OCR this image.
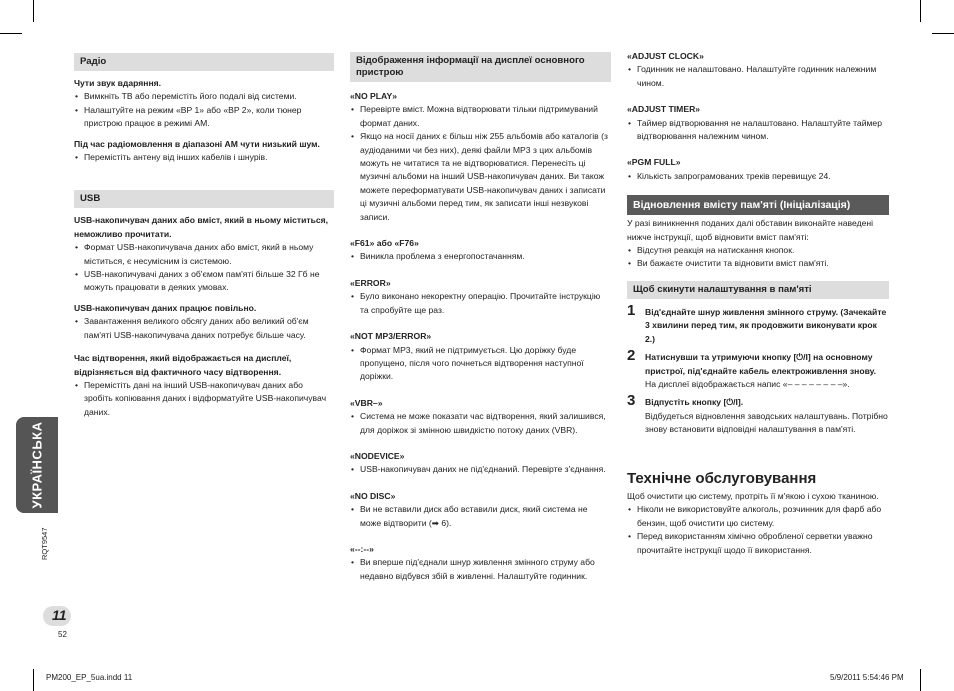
Радіо

Чути звук вдаряння.

• Вимкніть ТВ або перемістіть його подалі від системи.
• Налаштуйте на режим «BP 1» або «BP 2», коли тюнер пристрою працює в режимі AM.

Під час радіомовлення в діапазоні AM чути низький шум.

• Перемістіть антену від інших кабелів і шнурів.
USB

USB-накопичувач даних або вміст, який в ньому міститься, неможливо прочитати.

• Формат USB-накопичувача даних або вміст, який в ньому міститься, є несумісним із системою.
• USB-накопичувачі даних з об'ємом пам'яті більше 32 Гб не можуть працювати в деяких умовах.

USB-накопичувач даних працює повільно.

• Завантаження великого обсягу даних або великий об'єм пам'яті USB-накопичувача даних потребує більше часу.

Час відтворення, який відображається на дисплеї, відрізняється від фактичного часу відтворення.

• Перемістіть дані на інший USB-накопичувач даних або зробіть копіювання даних і відформатуйте USB-накопичувач даних.
Відображення інформації на дисплеї основного пристрою

«NO PLAY»

• Перевірте вміст. Можна відтворювати тільки підтримуваний формат даних.
• Якщо на носії даних є більш ніж 255 альбомів або каталогів (з аудіоданими чи без них), деякі файли MP3 з цих альбомів можуть не читатися та не відтворюватися. Перенесіть ці музичні альбоми на інший USB-накопичувач даних. Ви також можете переформатувати USB-накопичувач даних і записати ці музичні альбоми перед тим, як записати інші незвукові записи.

«F61» або «F76»

• Виникла проблема з енергопостачанням.

«ERROR»

• Було виконано некоректну операцію. Прочитайте інструкцію та спробуйте ще раз.

«NOT MP3/ERROR»

• Формат MP3, який не підтримується. Цю доріжку буде пропущено, після чого почнеться відтворення наступної доріжки.

«VBR–»

• Система не може показати час відтворення, який залишився, для доріжок зі змінною швидкістю потоку даних (VBR).

«NODEVICE»

• USB-накопичувач даних не під'єднаний. Перевірте з'єднання.

«NO DISC»

• Ви не вставили диск або вставили диск, який система не може відтворити (➡ 6).

«--:--»

• Ви вперше під'єднали шнур живлення змінного струму або недавно відбувся збій в живленні. Налаштуйте годинник.

«ADJUST CLOCK»

• Годинник не налаштовано. Налаштуйте годинник належним чином.

«ADJUST TIMER»

• Таймер відтворювання не налаштовано. Налаштуйте таймер відтворювання належним чином.

«PGM FULL»

• Кількість запрограмованих треків перевищує 24.
Відновлення вмісту пам'яті (Ініціалізація)

У разі виникнення поданих далі обставин виконайте наведені нижче інструкції, щоб відновити вміст пам'яті:

• Відсутня реакція на натискання кнопок.
• Ви бажаєте очистити та відновити вміст пам'яті.
Щоб скинути налаштування в пам'яті
1 Від'єднайте шнур живлення змінного струму. (Зачекайте 3 хвилини перед тим, як продовжити виконувати крок 2.)
2 Натиснувши та утримуючи кнопку [⏻/I] на основному пристрої, під'єднайте кабель електроживлення знову.
На дисплеї відображається напис «– – – – – – – –».
3 Відпустіть кнопку [⏻/I].
Відбудеться відновлення заводських налаштувань. Потрібно знову встановити відповідні налаштування в пам'яті.

Технічне обслуговування

Щоб очистити цю систему, протріть її м'якою і сухою тканиною.

• Ніколи не використовуйте алкоголь, розчинник для фарб або бензин, щоб очистити цю систему.
• Перед використанням хімічно обробленої серветки уважно прочитайте інструкції щодо її використання.
УКРАЇНСЬКА
RQT9547
11
52
PM200_EP_5ua.indd 11	5/9/2011 5:54:46 PM
